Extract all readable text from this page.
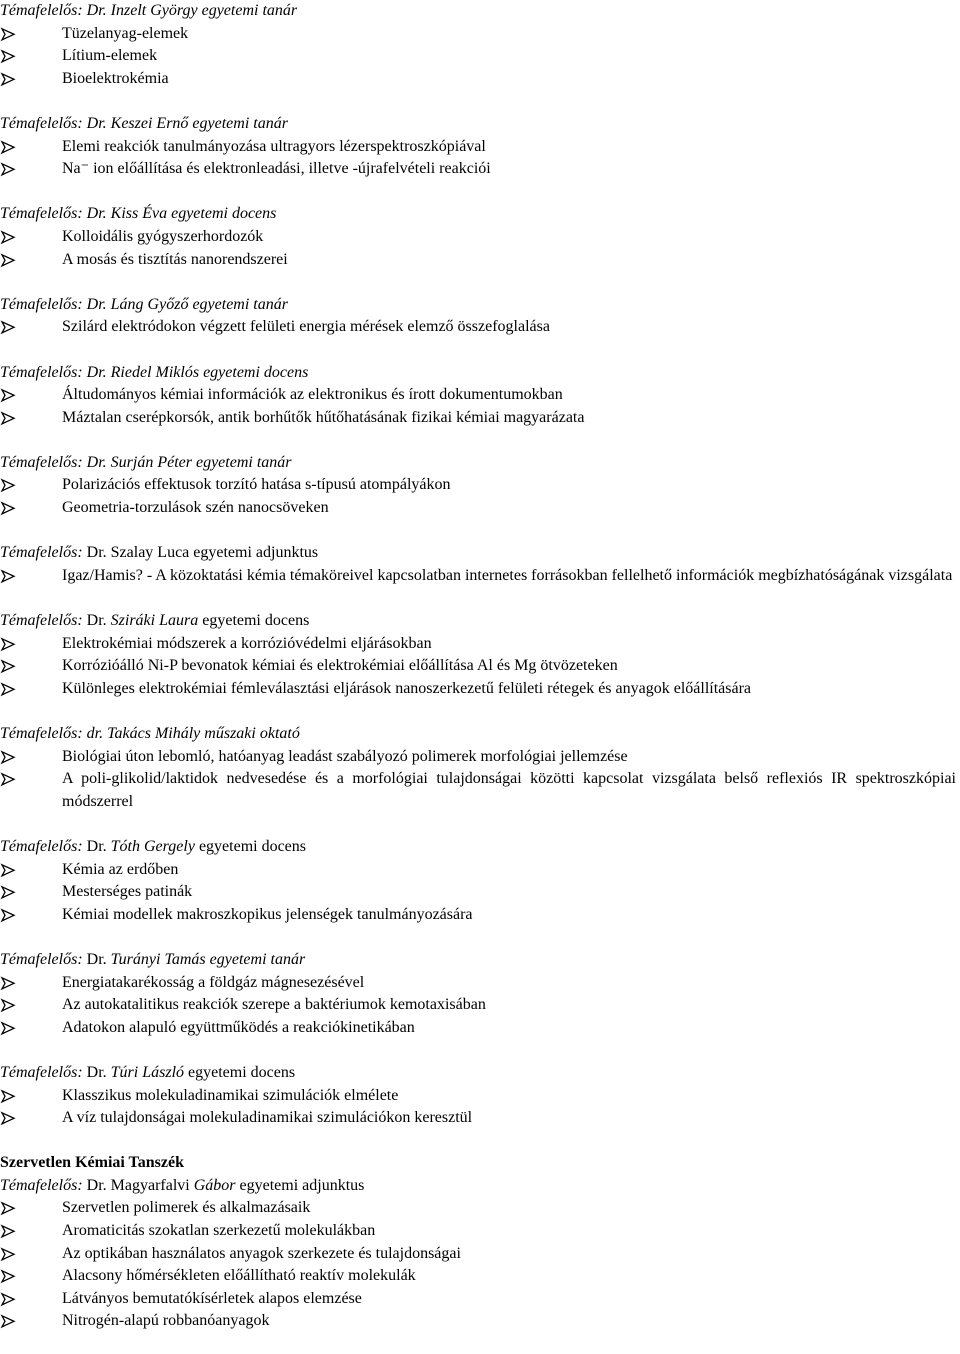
Témafelelős: Dr. Inzelt György egyetemi tanár
Tüzelanyag-elemek
Lítium-elemek
Bioelektrokémia
Témafelelős: Dr. Keszei Ernő egyetemi tanár
Elemi reakciók tanulmányozása ultragyors lézerspektroszkópiával
Na⁻ ion előállítása és elektronleadási, illetve -újrafelvételi reakciói
Témafelelős: Dr. Kiss Éva egyetemi docens
Kolloidális gyógyszerhordozók
A mosás és tisztítás nanorendszerei
Témafelelős: Dr. Láng Győző egyetemi tanár
Szilárd elektródokon végzett felületi energia mérések elemző összefoglalása
Témafelelős: Dr. Riedel Miklós egyetemi docens
Áltudományos kémiai információk az elektronikus és írott dokumentumokban
Máztalan cserépkorsók, antik borhűtők hűtőhatásának fizikai kémiai magyarázata
Témafelelős: Dr. Surján Péter egyetemi tanár
Polarizációs effektusok torzító hatása s-típusú atompályákon
Geometria-torzulások szén nanocsöveken
Témafelelős: Dr. Szalay Luca egyetemi adjunktus
Igaz/Hamis? - A közoktatási kémia témaköreivel kapcsolatban internetes forrásokban fellelhető információk megbízhatóságának vizsgálata
Témafelelős: Dr. Sziráki Laura egyetemi docens
Elektrokémiai módszerek a korrózióvédelmi eljárásokban
Korrózióálló Ni-P bevonatok kémiai és elektrokémiai előállítása Al és Mg ötvözeteken
Különleges elektrokémiai fémleválasztási eljárások nanoszerkezetű felületi rétegek és anyagok előállítására
Témafelelős: dr. Takács Mihály műszaki oktató
Biológiai úton lebomló, hatóanyag leadást szabályozó polimerek morfológiai jellemzése
A poli-glikolid/laktidok nedvesedése és a morfológiai tulajdonságai közötti kapcsolat vizsgálata belső reflexiós IR spektroszkópiai módszerrel
Témafelelős: Dr. Tóth Gergely egyetemi docens
Kémia az erdőben
Mesterséges patinák
Kémiai modellek makroszkopikus jelenségek tanulmányozására
Témafelelős: Dr. Turányi Tamás egyetemi tanár
Energiatakarékosság a földgáz mágnesezésével
Az autokatalitikus reakciók szerepe a baktériumok kemotaxisában
Adatokon alapuló együttműködés a reakciókinetikában
Témafelelős: Dr. Túri László egyetemi docens
Klasszikus molekuladinamikai szimulációk elmélete
A víz tulajdonságai molekuladinamikai szimulációkon keresztül
Szervetlen Kémiai Tanszék
Témafelelős: Dr. Magyarfalvi Gábor egyetemi adjunktus
Szervetlen polimerek és alkalmazásaik
Aromaticitás szokatlan szerkezetű molekulákban
Az optikában használatos anyagok szerkezete és tulajdonságai
Alacsony hőmérsékleten előállítható reaktív molekulák
Látványos bemutatókísérletek alapos elemzése
Nitrogén-alapú robbanóanyagok
